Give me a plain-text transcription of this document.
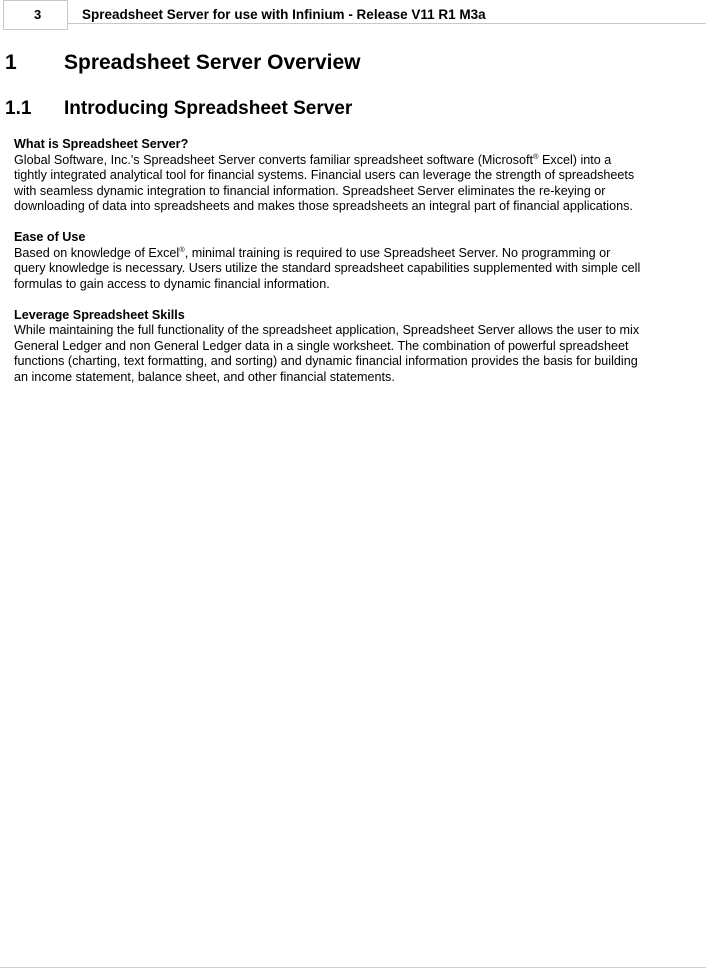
3	Spreadsheet Server for use with Infinium - Release V11 R1 M3a
1 Spreadsheet Server Overview
1.1 Introducing Spreadsheet Server

What is Spreadsheet Server?

Global Software, Inc.'s Spreadsheet Server converts familiar spreadsheet software (Microsoft® Excel) into a
tightly integrated analytical tool for financial systems. Financial users can leverage the strength of spreadsheets
with seamless dynamic integration to financial information. Spreadsheet Server eliminates the re-keying or
downloading of data into spreadsheets and makes those spreadsheets an integral part of financial applications.

Ease of Use

Based on knowledge of Excel®, minimal training is required to use Spreadsheet Server. No programming or
query knowledge is necessary. Users utilize the standard spreadsheet capabilities supplemented with simple cell
formulas to gain access to dynamic financial information.

Leverage Spreadsheet Skills

While maintaining the full functionality of the spreadsheet application, Spreadsheet Server allows the user to mix
General Ledger and non General Ledger data in a single worksheet. The combination of powerful spreadsheet
functions (charting, text formatting, and sorting) and dynamic financial information provides the basis for building
an income statement, balance sheet, and other financial statements.
